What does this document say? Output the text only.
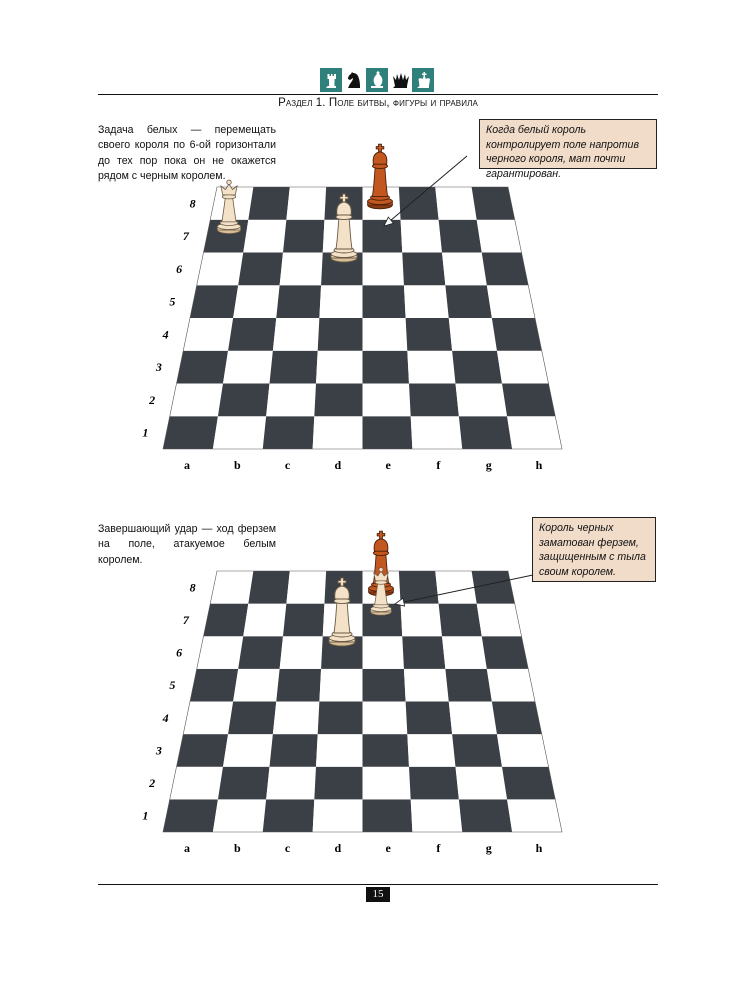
Раздел 1. Поле битвы, фигуры и правила

Задача белых — перемещать своего короля по 6-ой горизонтали до тех пор пока он не окажется рядом с черным королем.

Когда белый король контролирует поле напротив черного короля, мат почти гарантирован.
1
2
3
4
5
6
7
8
a	b	c	d	e	f	g	h

Завершающий удар — ход ферзем на поле, атакуемое белым королем.

Король черных заматован ферзем, защищенным с тыла своим королем.
1
2
3
4
5
6
7
8
a	b	c	d	e	f	g	h
15
